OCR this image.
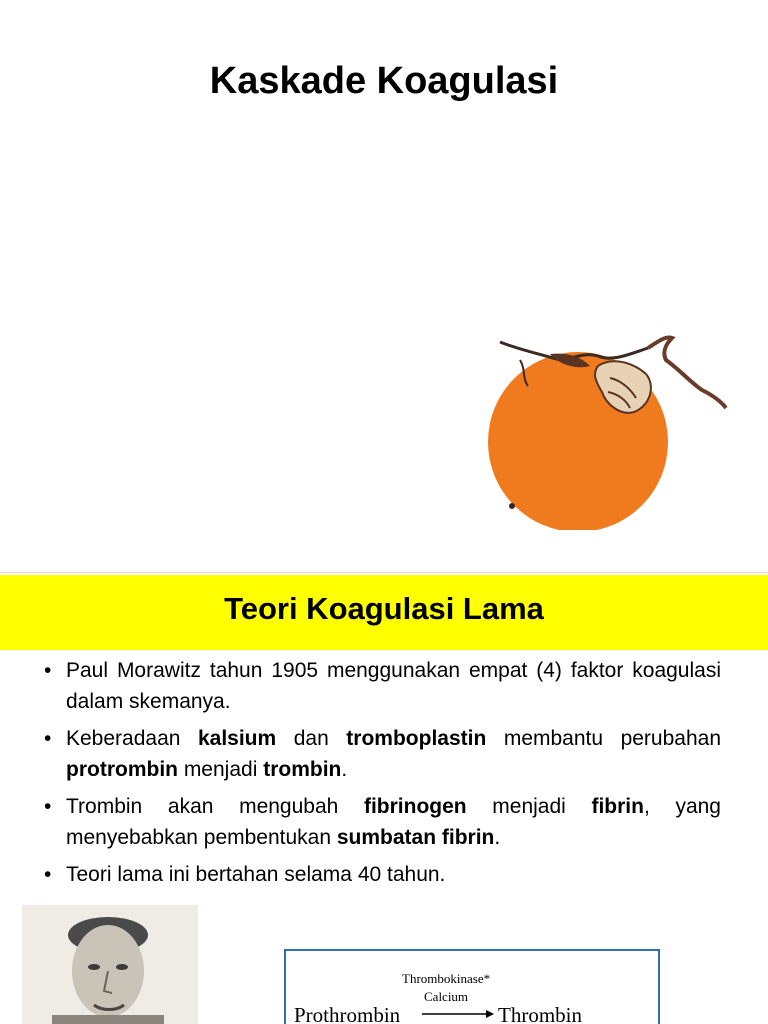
Kaskade Koagulasi
Teori Koagulasi Lama
• Paul Morawitz tahun 1905 menggunakan empat (4) faktor koagulasi dalam skemanya.
• Keberadaan kalsium dan tromboplastin membantu perubahan protrombin menjadi trombin.
• Trombin akan mengubah fibrinogen menjadi fibrin, yang menyebabkan pembentukan sumbatan fibrin.
• Teori lama ini bertahan selama 40 tahun.
Thrombokinase*
Calcium
Prothrombin	Thrombin
